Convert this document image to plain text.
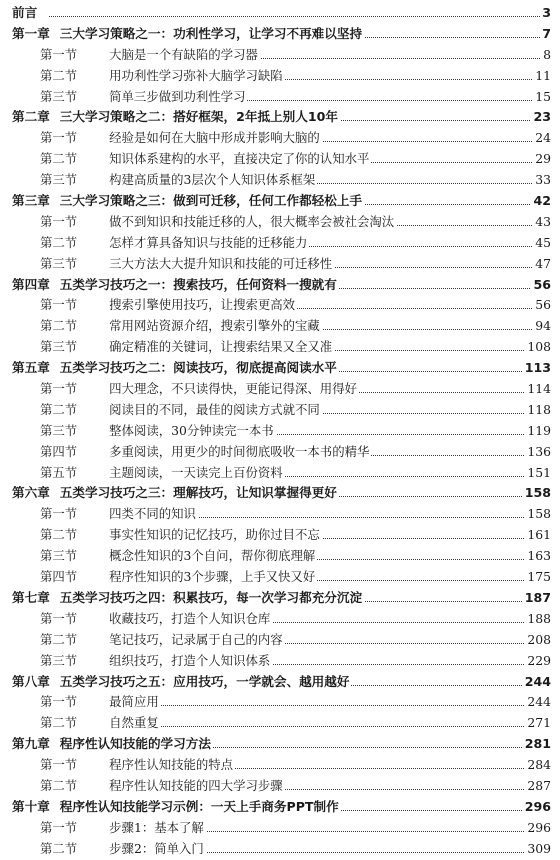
前言	3
第一章 三大学习策略之一：功利性学习，让学习不再难以坚持	7
第一节	大脑是一个有缺陷的学习器	8
第二节	用功利性学习弥补大脑学习缺陷	11
第三节	简单三步做到功利性学习	15
第二章 三大学习策略之二：搭好框架，2年抵上别人10年	23
第一节	经验是如何在大脑中形成并影响大脑的	24
第二节	知识体系建构的水平，直接决定了你的认知水平	29
第三节	构建高质量的3层次个人知识体系框架	33
第三章 三大学习策略之三：做到可迁移，任何工作都轻松上手	42
第一节	做不到知识和技能迁移的人，很大概率会被社会淘汰	43
第二节	怎样才算具备知识与技能的迁移能力	45
第三节	三大方法大大提升知识和技能的可迁移性	47
第四章 五类学习技巧之一：搜索技巧，任何资料一搜就有	56
第一节	搜索引擎使用技巧，让搜索更高效	56
第二节	常用网站资源介绍，搜索引擎外的宝藏	94
第三节	确定精准的关键词，让搜索结果又全又准	108
第五章 五类学习技巧之二：阅读技巧，彻底提高阅读水平	113
第一节	四大理念，不只读得快，更能记得深、用得好	114
第二节	阅读目的不同，最佳的阅读方式就不同	118
第三节	整体阅读，30分钟读完一本书	119
第四节	多重阅读，用更少的时间彻底吸收一本书的精华	136
第五节	主题阅读，一天读完上百份资料	151
第六章 五类学习技巧之三：理解技巧，让知识掌握得更好	158
第一节	四类不同的知识	158
第二节	事实性知识的记忆技巧，助你过目不忘	161
第三节	概念性知识的3个自问，帮你彻底理解	163
第四节	程序性知识的3个步骤，上手又快又好	175
第七章 五类学习技巧之四：积累技巧，每一次学习都充分沉淀	187
第一节	收藏技巧，打造个人知识仓库	188
第二节	笔记技巧，记录属于自己的内容	208
第三节	组织技巧，打造个人知识体系	229
第八章 五类学习技巧之五：应用技巧，一学就会、越用越好	244
第一节	最简应用	244
第二节	自然重复	271
第九章 程序性认知技能的学习方法	281
第一节	程序性认知技能的特点	284
第二节	程序性认知技能的四大学习步骤	287
第十章 程序性认知技能学习示例：一天上手商务PPT制作	296
第一节	步骤1：基本了解	296
第二节	步骤2：简单入门	309
